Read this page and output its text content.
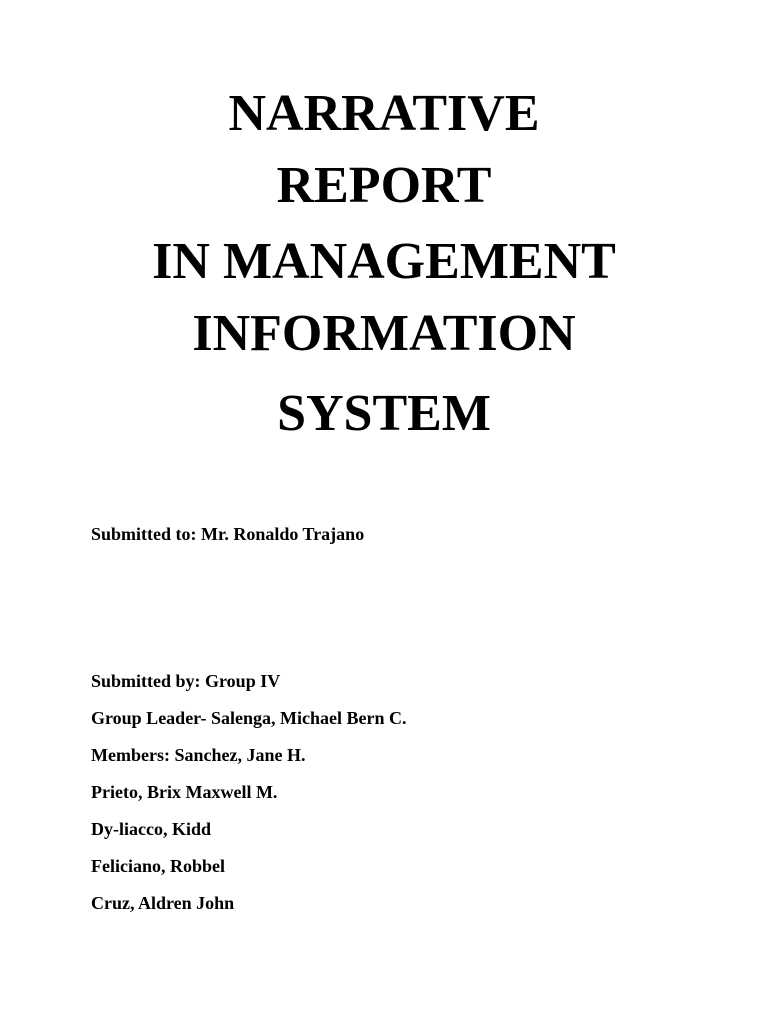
NARRATIVE
REPORT
IN MANAGEMENT
INFORMATION
SYSTEM
Submitted to: Mr. Ronaldo Trajano
Submitted by: Group IV
Group Leader- Salenga, Michael Bern C.
Members: Sanchez, Jane H.
Prieto, Brix Maxwell M.
Dy-liacco, Kidd
Feliciano, Robbel
Cruz, Aldren John
